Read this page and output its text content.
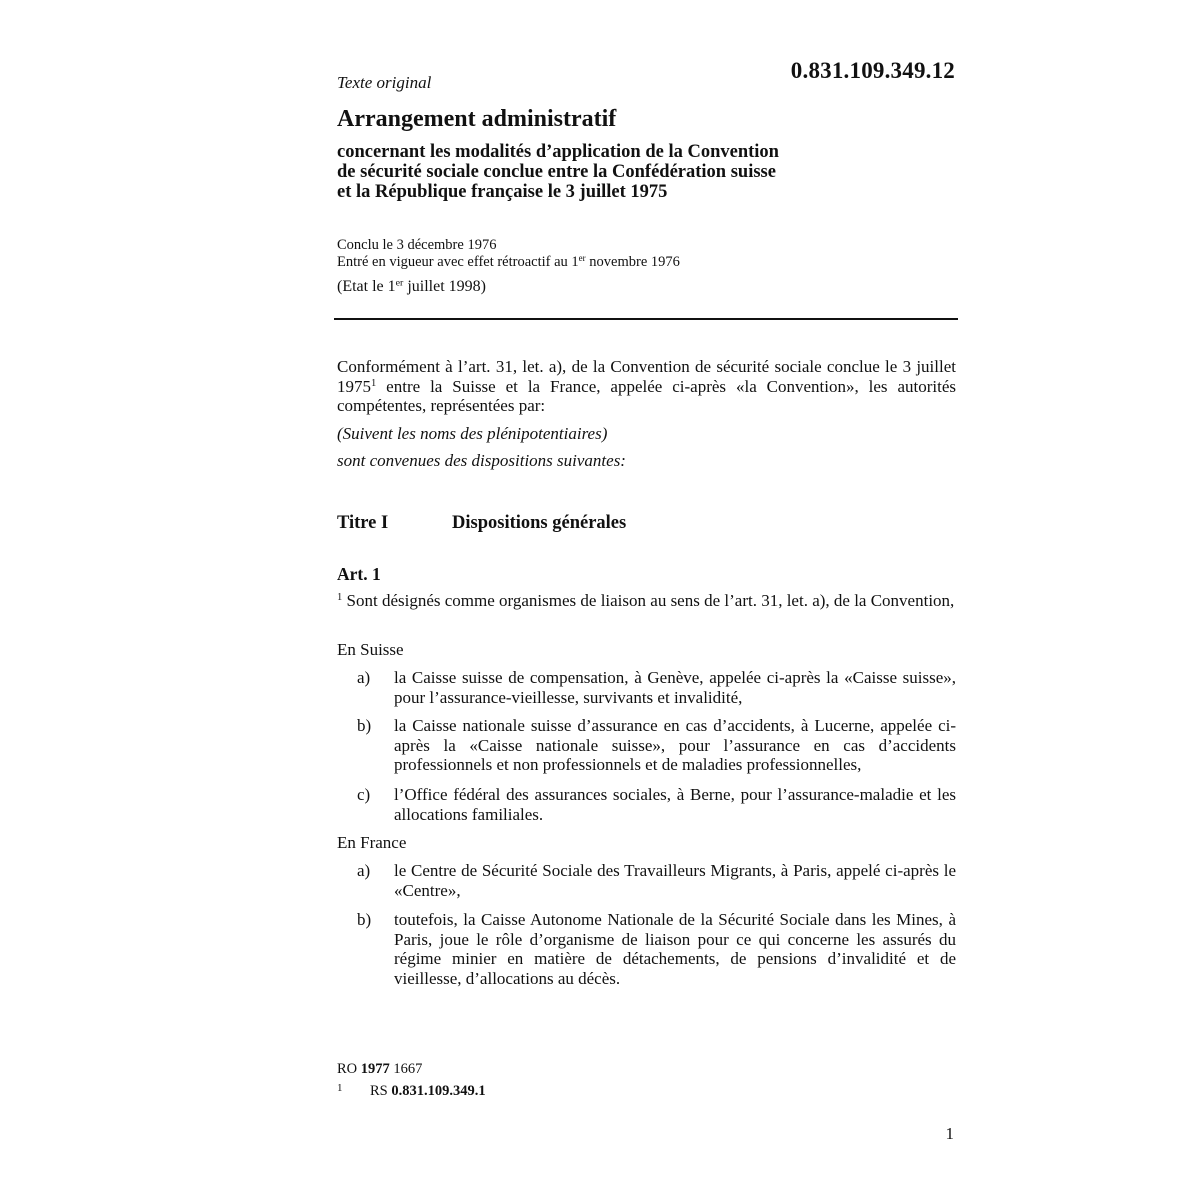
Texte original	0.831.109.349.12
Arrangement administratif
concernant les modalités d’application de la Convention
de sécurité sociale conclue entre la Confédération suisse
et la République française le 3 juillet 1975
Conclu le 3 décembre 1976
Entré en vigueur avec effet rétroactif au 1er novembre 1976
(Etat le 1er juillet 1998)
Conformément à l’art. 31, let. a), de la Convention de sécurité sociale conclue le 3 juillet 1975$^1$ entre la Suisse et la France, appelée ci-après «la Convention», les autorités compétentes, représentées par:
(Suivent les noms des plénipotentiaires)
sont convenues des dispositions suivantes:
Titre I	Dispositions générales
Art. 1
$^1$ Sont désignés comme organismes de liaison au sens de l’art. 31, let. a), de la Convention,
En Suisse
a) la Caisse suisse de compensation, à Genève, appelée ci-après la «Caisse suisse», pour l’assurance-vieillesse, survivants et invalidité,
b) la Caisse nationale suisse d’assurance en cas d’accidents, à Lucerne, appelée ci-après la «Caisse nationale suisse», pour l’assurance en cas d’accidents professionnels et non professionnels et de maladies professionnelles,
c) l’Office fédéral des assurances sociales, à Berne, pour l’assurance-maladie et les allocations familiales.
En France
a) le Centre de Sécurité Sociale des Travailleurs Migrants, à Paris, appelé ci-après le «Centre»,
b) toutefois, la Caisse Autonome Nationale de la Sécurité Sociale dans les Mines, à Paris, joue le rôle d’organisme de liaison pour ce qui concerne les assurés du régime minier en matière de détachements, de pensions d’invalidité et de vieillesse, d’allocations au décès.
RO 1977 1667
1 RS 0.831.109.349.1
1
